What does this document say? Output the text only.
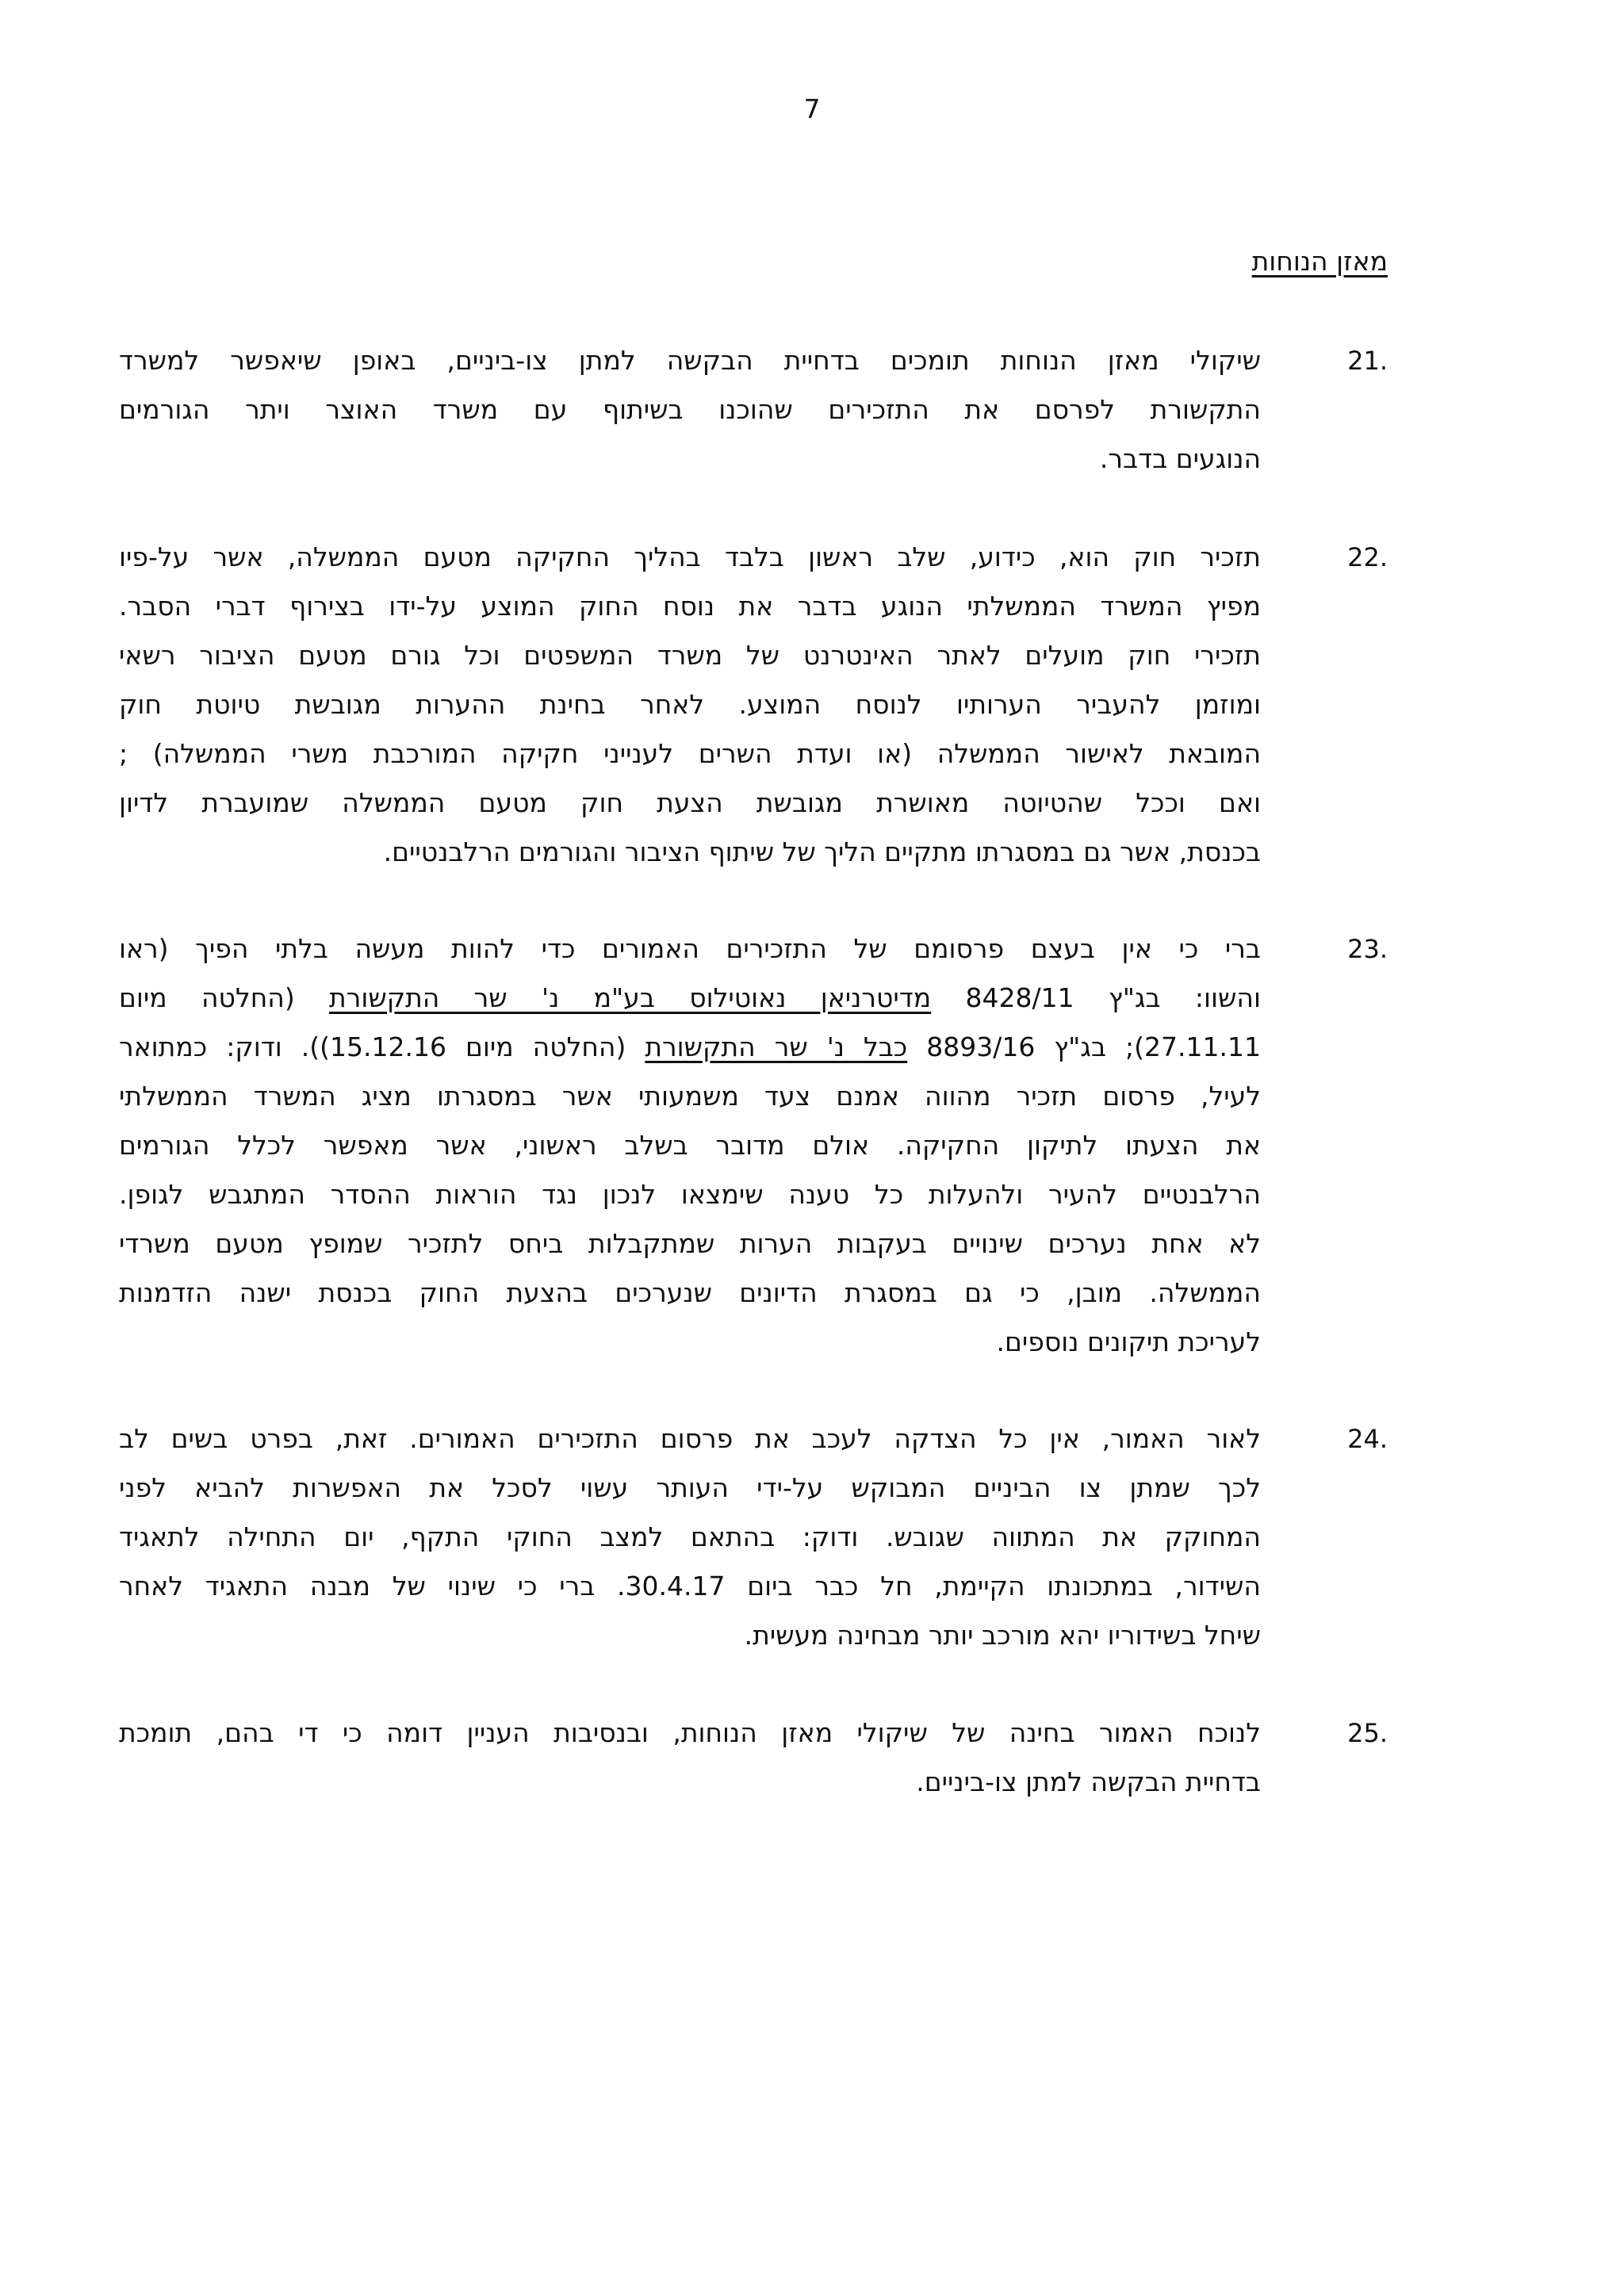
7
מאזן הנוחות
21.
שיקולי מאזן הנוחות תומכים בדחיית הבקשה למתן צו-ביניים, באופן שיאפשר למשרד
התקשורת לפרסם את התזכירים שהוכנו בשיתוף עם משרד האוצר ויתר הגורמים
הנוגעים בדבר.
22.
תזכיר חוק הוא, כידוע, שלב ראשון בלבד בהליך החקיקה מטעם הממשלה, אשר על-פיו
מפיץ המשרד הממשלתי הנוגע בדבר את נוסח החוק המוצע על-ידו בצירוף דברי הסבר.
תזכירי חוק מועלים לאתר האינטרנט של משרד המשפטים וכל גורם מטעם הציבור רשאי
ומוזמן להעביר הערותיו לנוסח המוצע. לאחר בחינת ההערות מגובשת טיוטת חוק
המובאת לאישור הממשלה (או ועדת השרים לענייני חקיקה המורכבת משרי הממשלה) ;
ואם וככל שהטיוטה מאושרת מגובשת הצעת חוק מטעם הממשלה שמועברת לדיון
בכנסת, אשר גם במסגרתו מתקיים הליך של שיתוף הציבור והגורמים הרלבנטיים.
23.
ברי כי אין בעצם פרסומם של התזכירים האמורים כדי להוות מעשה בלתי הפיך (ראו
והשוו: בג"ץ 8428/11 מדיטרניאן נאוטילוס בע"מ נ' שר התקשורת (החלטה מיום
27.11.11); בג"ץ 8893/16 כבל נ' שר התקשורת (החלטה מיום 15.12.16)). ודוק: כמתואר
לעיל, פרסום תזכיר מהווה אמנם צעד משמעותי אשר במסגרתו מציג המשרד הממשלתי
את הצעתו לתיקון החקיקה. אולם מדובר בשלב ראשוני, אשר מאפשר לכלל הגורמים
הרלבנטיים להעיר ולהעלות כל טענה שימצאו לנכון נגד הוראות ההסדר המתגבש לגופן.
לא אחת נערכים שינויים בעקבות הערות שמתקבלות ביחס לתזכיר שמופץ מטעם משרדי
הממשלה. מובן, כי גם במסגרת הדיונים שנערכים בהצעת החוק בכנסת ישנה הזדמנות
לעריכת תיקונים נוספים.
24.
לאור האמור, אין כל הצדקה לעכב את פרסום התזכירים האמורים. זאת, בפרט בשים לב
לכך שמתן צו הביניים המבוקש על-ידי העותר עשוי לסכל את האפשרות להביא לפני
המחוקק את המתווה שגובש. ודוק: בהתאם למצב החוקי התקף, יום התחילה לתאגיד
השידור, במתכונתו הקיימת, חל כבר ביום 30.4.17. ברי כי שינוי של מבנה התאגיד לאחר
שיחל בשידוריו יהא מורכב יותר מבחינה מעשית.
25.
לנוכח האמור בחינה של שיקולי מאזן הנוחות, ובנסיבות העניין דומה כי די בהם, תומכת
בדחיית הבקשה למתן צו-ביניים.
